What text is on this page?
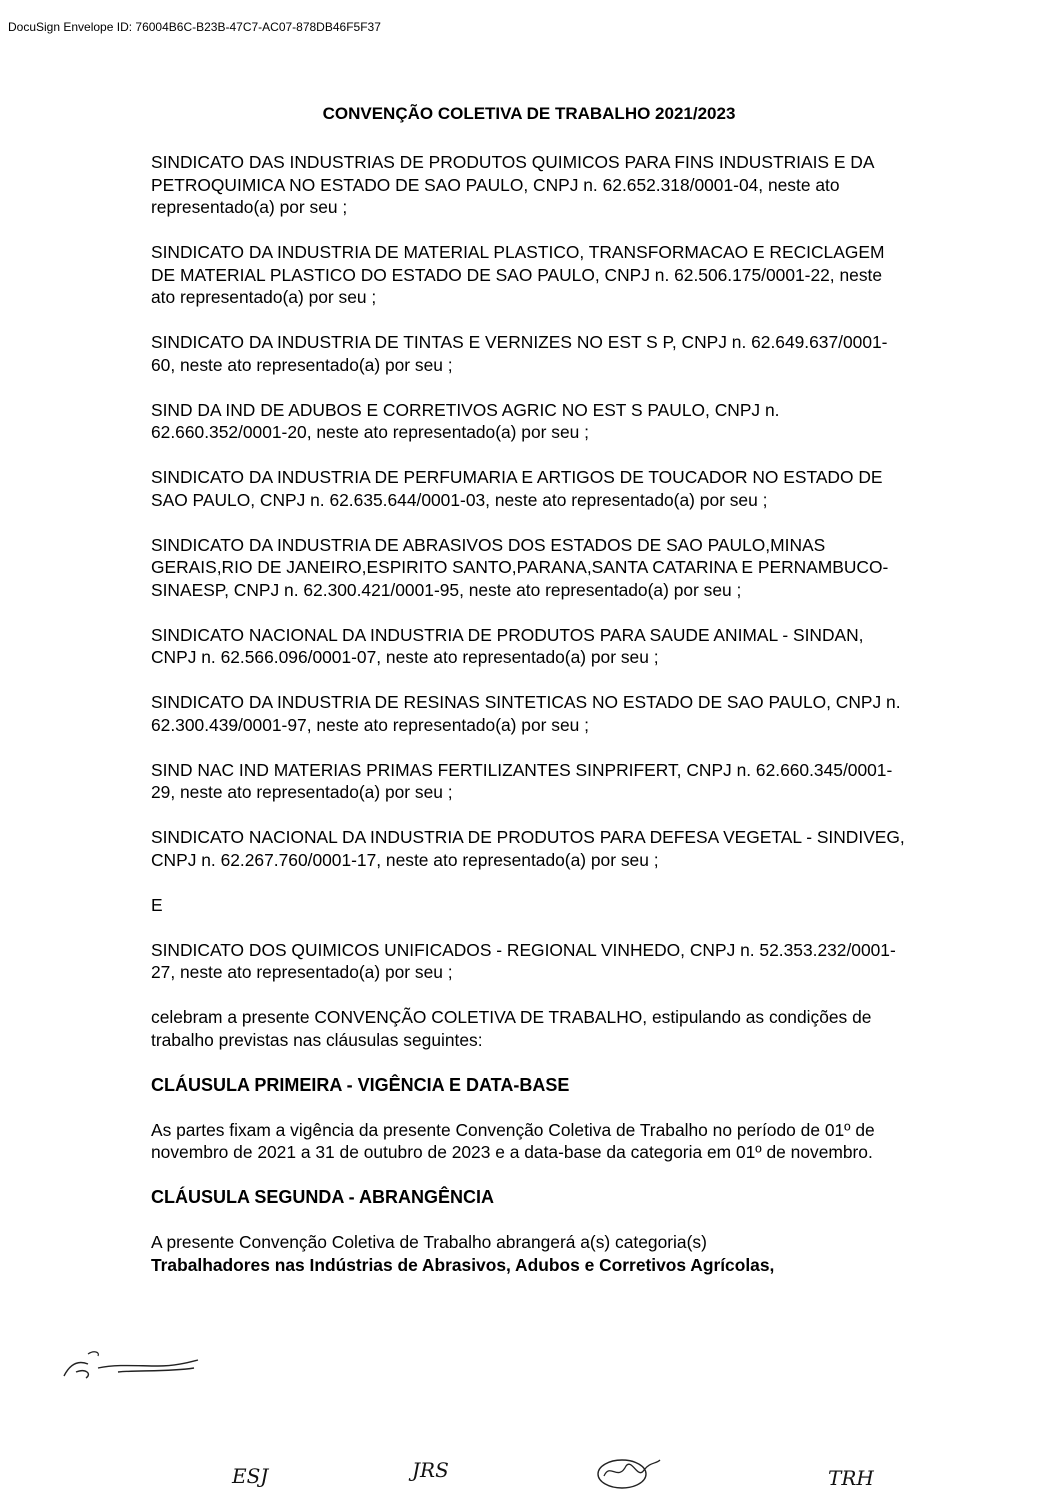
DocuSign Envelope ID: 76004B6C-B23B-47C7-AC07-878DB46F5F37
CONVENÇÃO COLETIVA DE TRABALHO 2021/2023

SINDICATO DAS INDUSTRIAS DE PRODUTOS QUIMICOS PARA FINS INDUSTRIAIS E DA PETROQUIMICA NO ESTADO DE SAO PAULO, CNPJ n. 62.652.318/0001-04, neste ato representado(a) por seu ;

SINDICATO DA INDUSTRIA DE MATERIAL PLASTICO, TRANSFORMACAO E RECICLAGEM DE MATERIAL PLASTICO DO ESTADO DE SAO PAULO, CNPJ n. 62.506.175/0001-22, neste ato representado(a) por seu ;

SINDICATO DA INDUSTRIA DE TINTAS E VERNIZES NO EST S P, CNPJ n. 62.649.637/0001-60, neste ato representado(a) por seu ;

SIND DA IND DE ADUBOS E CORRETIVOS AGRIC NO EST S PAULO, CNPJ n. 62.660.352/0001-20, neste ato representado(a) por seu ;

SINDICATO DA INDUSTRIA DE PERFUMARIA E ARTIGOS DE TOUCADOR NO ESTADO DE SAO PAULO, CNPJ n. 62.635.644/0001-03, neste ato representado(a) por seu ;

SINDICATO DA INDUSTRIA DE ABRASIVOS DOS ESTADOS DE SAO PAULO,MINAS GERAIS,RIO DE JANEIRO,ESPIRITO SANTO,PARANA,SANTA CATARINA E PERNAMBUCO-SINAESP, CNPJ n. 62.300.421/0001-95, neste ato representado(a) por seu ;

SINDICATO NACIONAL DA INDUSTRIA DE PRODUTOS PARA SAUDE ANIMAL - SINDAN, CNPJ n. 62.566.096/0001-07, neste ato representado(a) por seu ;

SINDICATO DA INDUSTRIA DE RESINAS SINTETICAS NO ESTADO DE SAO PAULO, CNPJ n. 62.300.439/0001-97, neste ato representado(a) por seu ;

SIND NAC IND MATERIAS PRIMAS FERTILIZANTES SINPRIFERT, CNPJ n. 62.660.345/0001-29, neste ato representado(a) por seu ;

SINDICATO NACIONAL DA INDUSTRIA DE PRODUTOS PARA DEFESA VEGETAL - SINDIVEG, CNPJ n. 62.267.760/0001-17, neste ato representado(a) por seu ;

E

SINDICATO DOS QUIMICOS UNIFICADOS - REGIONAL VINHEDO, CNPJ n. 52.353.232/0001-27, neste ato representado(a) por seu ;

celebram a presente CONVENÇÃO COLETIVA DE TRABALHO, estipulando as condições de trabalho previstas nas cláusulas seguintes:

CLÁUSULA PRIMEIRA - VIGÊNCIA E DATA-BASE

As partes fixam a vigência da presente Convenção Coletiva de Trabalho no período de 01º de novembro de 2021 a 31 de outubro de 2023 e a data-base da categoria em 01º de novembro.

CLÁUSULA SEGUNDA - ABRANGÊNCIA

A presente Convenção Coletiva de Trabalho abrangerá a(s) categoria(s)
Trabalhadores nas Indústrias de Abrasivos, Adubos e Corretivos Agrícolas,

ESJ	JRS	TRH
